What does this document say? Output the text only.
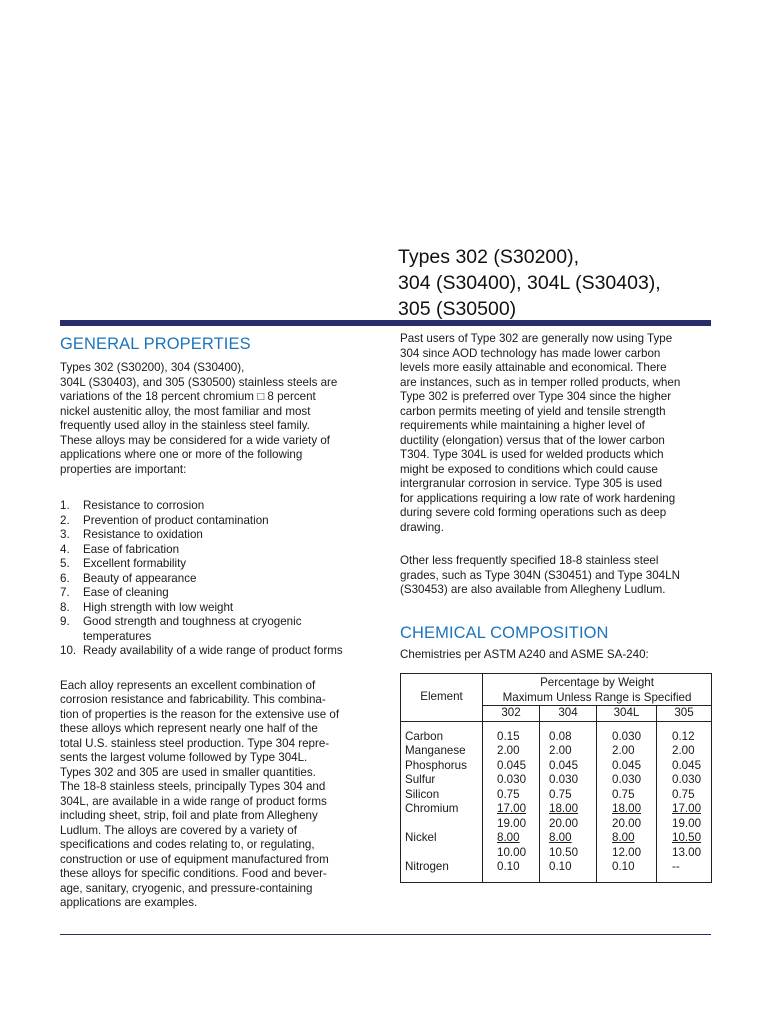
Types 302 (S30200),
304 (S30400), 304L (S30403),
305 (S30500)
GENERAL PROPERTIES

Types 302 (S30200), 304 (S30400),
304L (S30403), and 305 (S30500) stainless steels are
variations of the 18 percent chromium □ 8 percent
nickel austenitic alloy, the most familiar and most
frequently used alloy in the stainless steel family.
These alloys may be considered for a wide variety of
applications where one or more of the following
properties are important:

1.	Resistance to corrosion
2.	Prevention of product contamination
3.	Resistance to oxidation
4.	Ease of fabrication
5.	Excellent formability
6.	Beauty of appearance
7.	Ease of cleaning
8.	High strength with low weight
9.	Good strength and toughness at cryogenic temperatures
10. Ready availability of a wide range of product forms

Each alloy represents an excellent combination of
corrosion resistance and fabricability. This combina-
tion of properties is the reason for the extensive use of
these alloys which represent nearly one half of the
total U.S. stainless steel production. Type 304 repre-
sents the largest volume followed by Type 304L.
Types 302 and 305 are used in smaller quantities.
The 18-8 stainless steels, principally Types 304 and
304L, are available in a wide range of product forms
including sheet, strip, foil and plate from Allegheny
Ludlum. The alloys are covered by a variety of
specifications and codes relating to, or regulating,
construction or use of equipment manufactured from
these alloys for specific conditions. Food and bever-
age, sanitary, cryogenic, and pressure-containing
applications are examples.

Past users of Type 302 are generally now using Type
304 since AOD technology has made lower carbon
levels more easily attainable and economical. There
are instances, such as in temper rolled products, when
Type 302 is preferred over Type 304 since the higher
carbon permits meeting of yield and tensile strength
requirements while maintaining a higher level of
ductility (elongation) versus that of the lower carbon
T304. Type 304L is used for welded products which
might be exposed to conditions which could cause
intergranular corrosion in service. Type 305 is used
for applications requiring a low rate of work hardening
during severe cold forming operations such as deep
drawing.

Other less frequently specified 18-8 stainless steel
grades, such as Type 304N (S30451) and Type 304LN
(S30453) are also available from Allegheny Ludlum.

CHEMICAL COMPOSITION

Chemistries per ASTM A240 and ASME SA-240:

Element	Percentage by Weight
Maximum Unless Range is Specified			

	302	304	304L	305

Carbon	0.15	0.08	0.030	0.12
Manganese	2.00	2.00	2.00	2.00
Phosphorus	0.045	0.045	0.045	0.045
Sulfur	0.030	0.030	0.030	0.030
Silicon	0.75	0.75	0.75	0.75
Chromium	17.00	18.00	18.00	17.00
	19.00	20.00	20.00	19.00
Nickel	8.00	8.00	8.00	10.50
	10.00	10.50	12.00	13.00
Nitrogen	0.10	0.10	0.10	--
